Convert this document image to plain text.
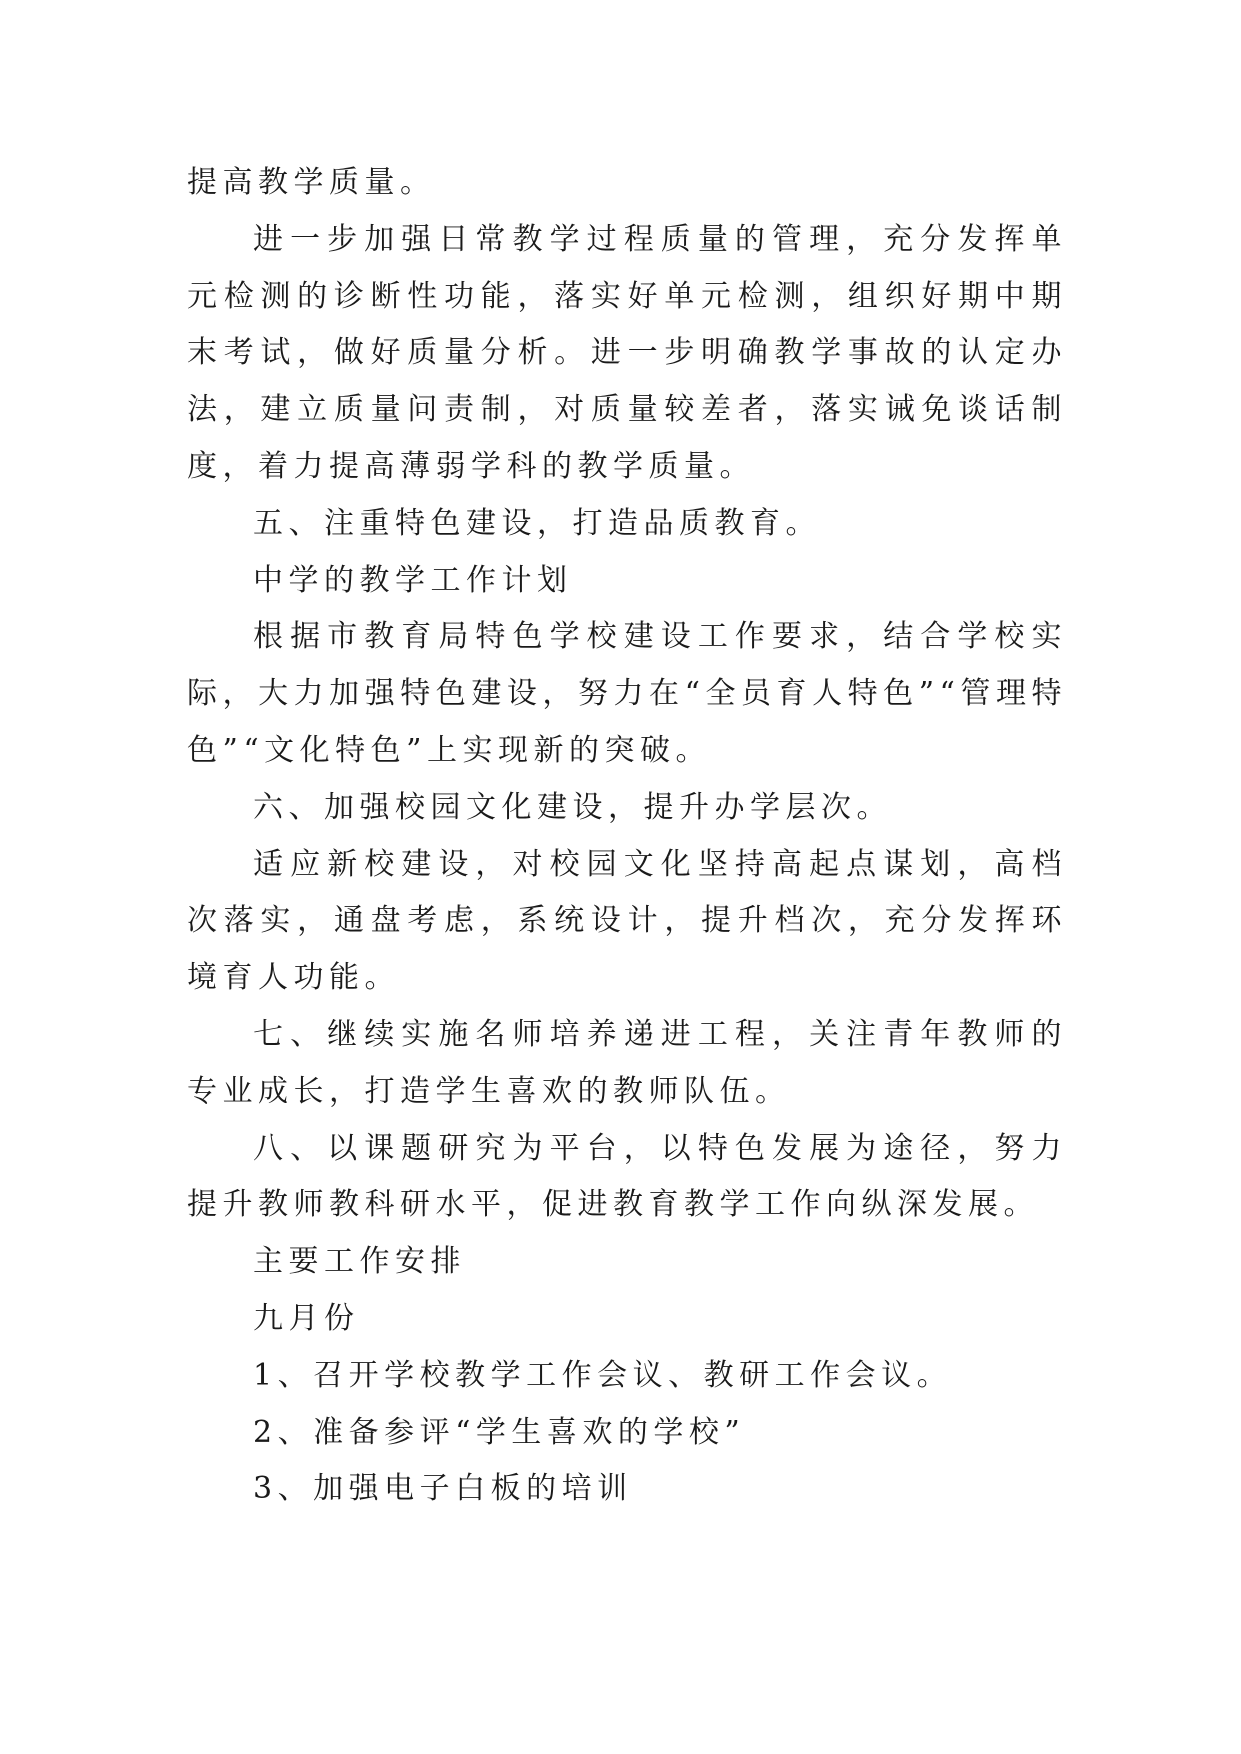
提高教学质量。

进一步加强日常教学过程质量的管理，充分发挥单元检测的诊断性功能，落实好单元检测，组织好期中期末考试，做好质量分析。进一步明确教学事故的认定办法，建立质量问责制，对质量较差者，落实诫免谈话制度，着力提高薄弱学科的教学质量。

五、注重特色建设，打造品质教育。

中学的教学工作计划

根据市教育局特色学校建设工作要求，结合学校实际，大力加强特色建设，努力在“全员育人特色”“管理特色”“文化特色”上实现新的突破。

六、加强校园文化建设，提升办学层次。

适应新校建设，对校园文化坚持高起点谋划，高档次落实，通盘考虑，系统设计，提升档次，充分发挥环境育人功能。

七、继续实施名师培养递进工程，关注青年教师的专业成长，打造学生喜欢的教师队伍。

八、以课题研究为平台，以特色发展为途径，努力提升教师教科研水平，促进教育教学工作向纵深发展。

主要工作安排

九月份

1、召开学校教学工作会议、教研工作会议。

2、准备参评“学生喜欢的学校”

3、加强电子白板的培训
